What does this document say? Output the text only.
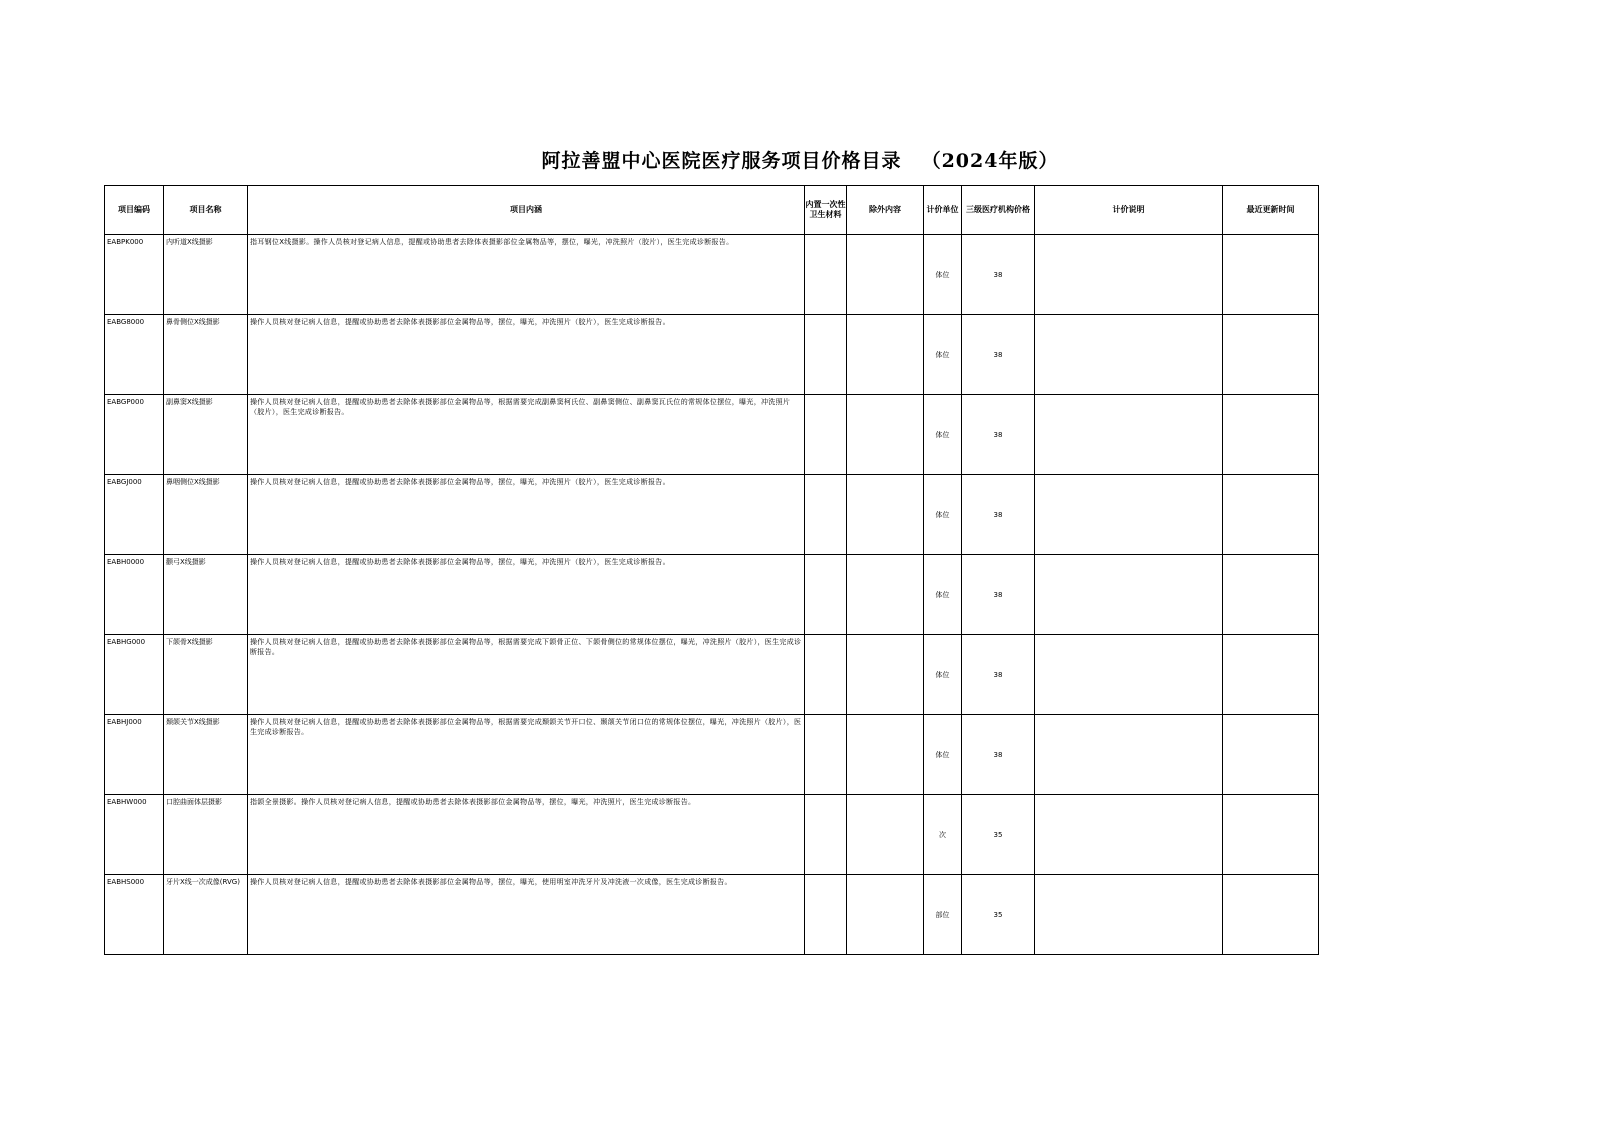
阿拉善盟中心医院医疗服务项目价格目录 （2024年版）
项目编码	项目名称	项目内涵	内置一次性卫生材料	除外内容	计价单位	三级医疗机构价格	计价说明	最近更新时间
EABPK000	内听道X线摄影	指耳钢位X线摄影。操作人员核对登记病人信息，提醒或协助患者去除体表摄影部位金属物品等，摆位，曝光，冲洗照片（胶片），医生完成诊断报告。			体位	38		
EABG8000	鼻骨侧位X线摄影	操作人员核对登记病人信息，提醒或协助患者去除体表摄影部位金属物品等，摆位，曝光，冲洗照片（胶片），医生完成诊断报告。			体位	38		
EABGP000	副鼻窦X线摄影	操作人员核对登记病人信息，提醒或协助患者去除体表摄影部位金属物品等，根据需要完成副鼻窦柯氏位、副鼻窦侧位、副鼻窦瓦氏位的常规体位摆位，曝光，冲洗照片（胶片），医生完成诊断报告。			体位	38		
EABGJ000	鼻咽侧位X线摄影	操作人员核对登记病人信息，提醒或协助患者去除体表摄影部位金属物品等，摆位，曝光，冲洗照片（胶片），医生完成诊断报告。			体位	38		
EABH0000	颧弓X线摄影	操作人员核对登记病人信息，提醒或协助患者去除体表摄影部位金属物品等，摆位，曝光，冲洗照片（胶片），医生完成诊断报告。			体位	38		
EABHG000	下颌骨X线摄影	操作人员核对登记病人信息，提醒或协助患者去除体表摄影部位金属物品等，根据需要完成下颌骨正位、下颌骨侧位的常规体位摆位，曝光，冲洗照片（胶片），医生完成诊断报告。			体位	38		
EABHJ000	颞颌关节X线摄影	操作人员核对登记病人信息，提醒或协助患者去除体表摄影部位金属物品等，根据需要完成颞颌关节开口位、颞颌关节闭口位的常规体位摆位，曝光，冲洗照片（胶片），医生完成诊断报告。			体位	38		
EABHW000	口腔曲面体层摄影	指颌全景摄影。操作人员核对登记病人信息，提醒或协助患者去除体表摄影部位金属物品等，摆位，曝光，冲洗照片，医生完成诊断报告。			次	35		
EABHS000	牙片X线一次成像(RVG)	操作人员核对登记病人信息，提醒或协助患者去除体表摄影部位金属物品等，摆位，曝光，使用明室冲洗牙片及冲洗液一次成像，医生完成诊断报告。			部位	35		
